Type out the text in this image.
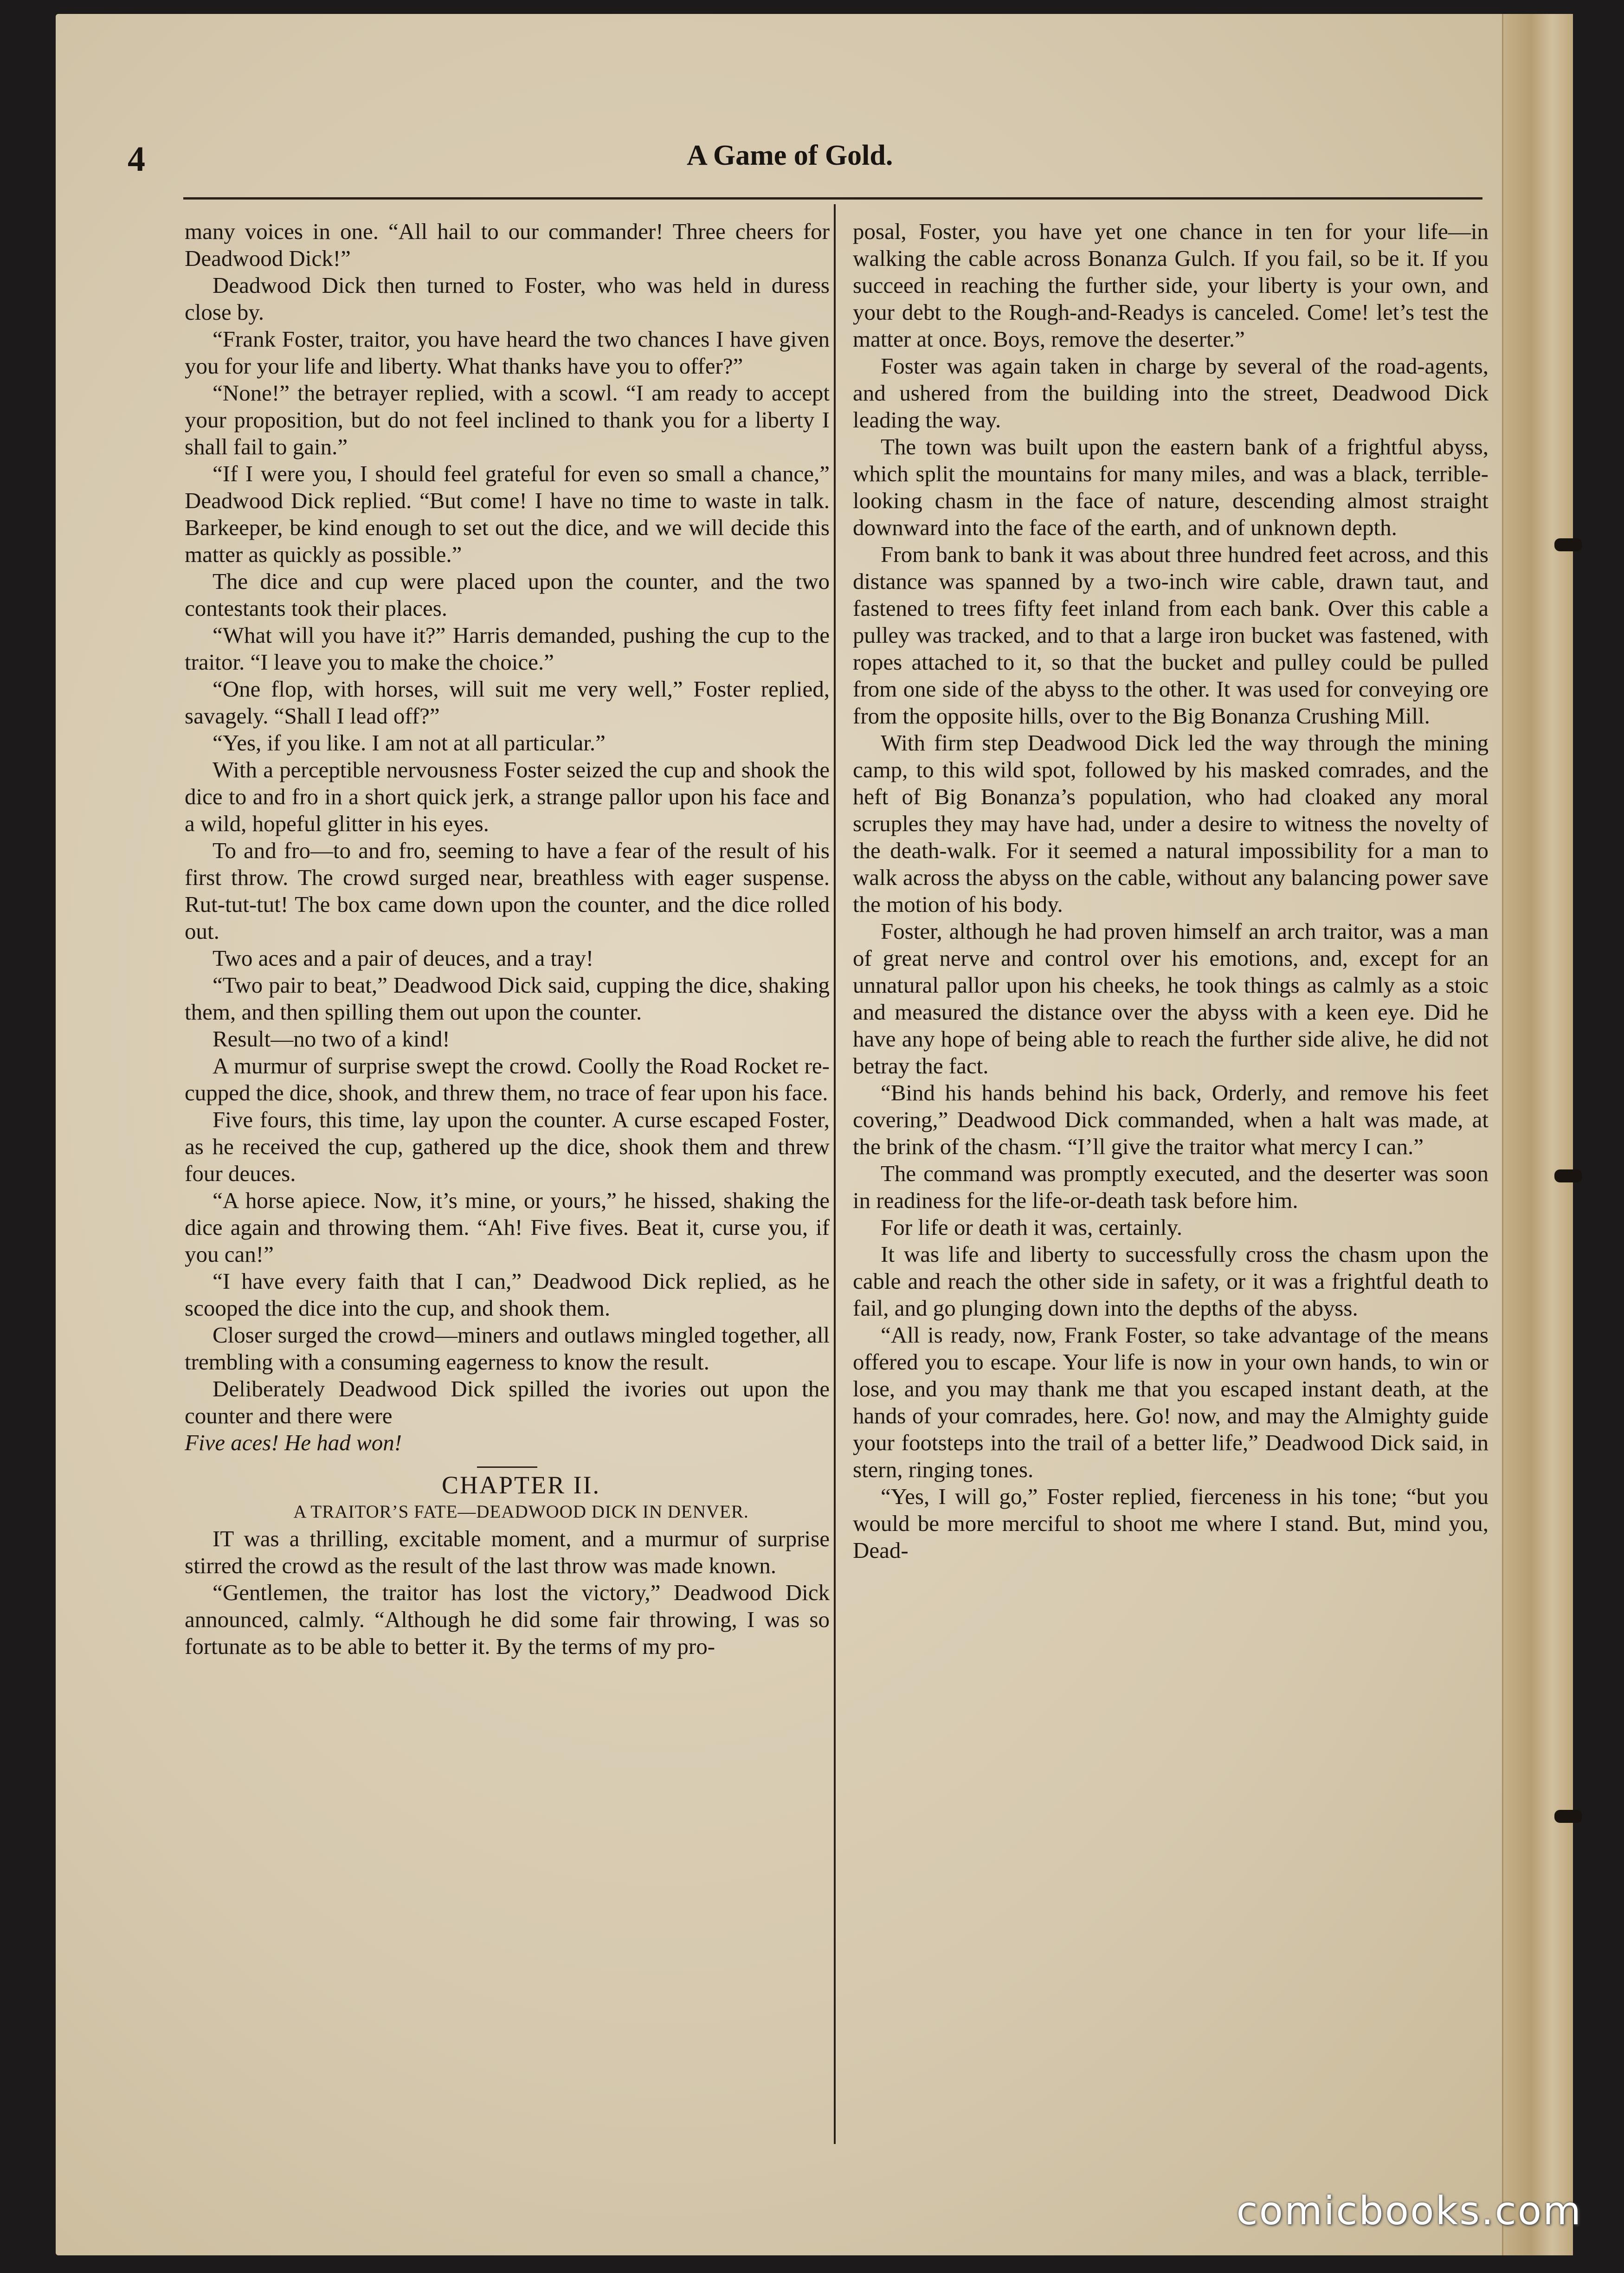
4	A Game of Gold.

many voices in one. “All hail to our commander! Three cheers for Deadwood Dick!”

Deadwood Dick then turned to Foster, who was held in duress close by.

“Frank Foster, traitor, you have heard the two chances I have given you for your life and liberty. What thanks have you to offer?”

“None!” the betrayer replied, with a scowl. “I am ready to accept your proposition, but do not feel inclined to thank you for a liberty I shall fail to gain.”

“If I were you, I should feel grateful for even so small a chance,” Deadwood Dick replied. “But come! I have no time to waste in talk. Barkeeper, be kind enough to set out the dice, and we will decide this matter as quickly as possible.”

The dice and cup were placed upon the counter, and the two contestants took their places.

“What will you have it?” Harris demanded, pushing the cup to the traitor. “I leave you to make the choice.”

“One flop, with horses, will suit me very well,” Foster replied, savagely. “Shall I lead off?”

“Yes, if you like. I am not at all particular.”

With a perceptible nervousness Foster seized the cup and shook the dice to and fro in a short quick jerk, a strange pallor upon his face and a wild, hopeful glitter in his eyes.

To and fro—to and fro, seeming to have a fear of the result of his first throw. The crowd surged near, breathless with eager suspense. Rut-tut-tut! The box came down upon the counter, and the dice rolled out.

Two aces and a pair of deuces, and a tray!

“Two pair to beat,” Deadwood Dick said, cupping the dice, shaking them, and then spilling them out upon the counter.

Result—no two of a kind!

A murmur of surprise swept the crowd. Coolly the Road Rocket re-cupped the dice, shook, and threw them, no trace of fear upon his face.

Five fours, this time, lay upon the counter. A curse escaped Foster, as he received the cup, gathered up the dice, shook them and threw four deuces.

“A horse apiece. Now, it’s mine, or yours,” he hissed, shaking the dice again and throwing them. “Ah! Five fives. Beat it, curse you, if you can!”

“I have every faith that I can,” Deadwood Dick replied, as he scooped the dice into the cup, and shook them.

Closer surged the crowd—miners and outlaws mingled together, all trembling with a consuming eagerness to know the result.

Deliberately Deadwood Dick spilled the ivories out upon the counter and there were

Five aces! He had won!

CHAPTER II.

A TRAITOR’S FATE—DEADWOOD DICK IN DENVER.

IT was a thrilling, excitable moment, and a murmur of surprise stirred the crowd as the result of the last throw was made known.

“Gentlemen, the traitor has lost the victory,” Deadwood Dick announced, calmly. “Although he did some fair throwing, I was so fortunate as to be able to better it. By the terms of my pro-

posal, Foster, you have yet one chance in ten for your life—in walking the cable across Bonanza Gulch. If you fail, so be it. If you succeed in reaching the further side, your liberty is your own, and your debt to the Rough-and-Readys is canceled. Come! let’s test the matter at once. Boys, remove the deserter.”

Foster was again taken in charge by several of the road-agents, and ushered from the building into the street, Deadwood Dick leading the way.

The town was built upon the eastern bank of a frightful abyss, which split the mountains for many miles, and was a black, terrible-looking chasm in the face of nature, descending almost straight downward into the face of the earth, and of unknown depth.

From bank to bank it was about three hundred feet across, and this distance was spanned by a two-inch wire cable, drawn taut, and fastened to trees fifty feet inland from each bank. Over this cable a pulley was tracked, and to that a large iron bucket was fastened, with ropes attached to it, so that the bucket and pulley could be pulled from one side of the abyss to the other. It was used for conveying ore from the opposite hills, over to the Big Bonanza Crushing Mill.

With firm step Deadwood Dick led the way through the mining camp, to this wild spot, followed by his masked comrades, and the heft of Big Bonanza’s population, who had cloaked any moral scruples they may have had, under a desire to witness the novelty of the death-walk. For it seemed a natural impossibility for a man to walk across the abyss on the cable, without any balancing power save the motion of his body.

Foster, although he had proven himself an arch traitor, was a man of great nerve and control over his emotions, and, except for an unnatural pallor upon his cheeks, he took things as calmly as a stoic and measured the distance over the abyss with a keen eye. Did he have any hope of being able to reach the further side alive, he did not betray the fact.

“Bind his hands behind his back, Orderly, and remove his feet covering,” Deadwood Dick commanded, when a halt was made, at the brink of the chasm. “I’ll give the traitor what mercy I can.”

The command was promptly executed, and the deserter was soon in readiness for the life-or-death task before him.

For life or death it was, certainly.

It was life and liberty to successfully cross the chasm upon the cable and reach the other side in safety, or it was a frightful death to fail, and go plunging down into the depths of the abyss.

“All is ready, now, Frank Foster, so take advantage of the means offered you to escape. Your life is now in your own hands, to win or lose, and you may thank me that you escaped instant death, at the hands of your comrades, here. Go! now, and may the Almighty guide your footsteps into the trail of a better life,” Deadwood Dick said, in stern, ringing tones.

“Yes, I will go,” Foster replied, fierceness in his tone; “but you would be more merciful to shoot me where I stand. But, mind you, Dead-

comicbooks.com
